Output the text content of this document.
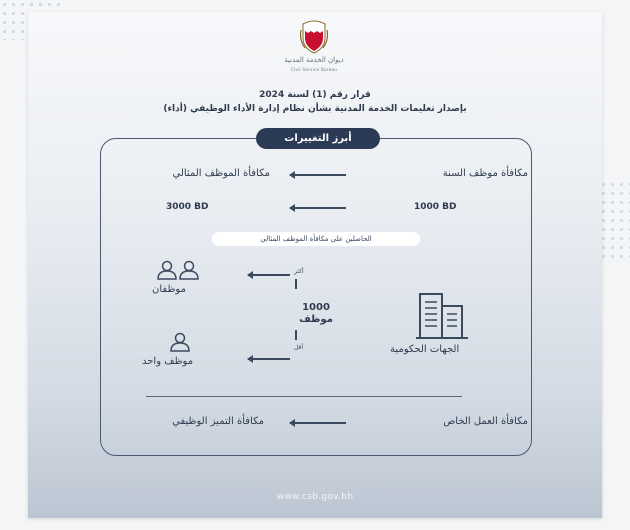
ديوان الخدمة المدنية
Civil Service Bureau
قرار رقم (1) لسنة 2024
بإصدار تعليمات الخدمة المدنية بشأن نظام إدارة الأداء الوظيفي (أداء)
أبرز التغييرات
مكافأة موظف السنة
مكافأة الموظف المثالي
1000 BD
3000 BD
الحاصلين على مكافأة الموظف المثالي
موظفان
أكثر
1000
موظف
أقل
موظف واحد
الجهات الحكومية
مكافأة العمل الخاص
مكافأة التميز الوظيفي
www.csb.gov.bh
